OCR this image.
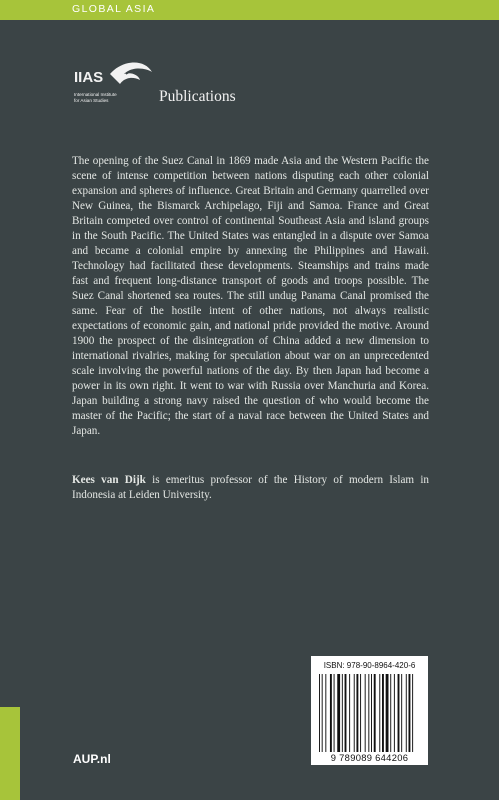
GLOBAL ASIA
IIAS
International Institute
for Asian Studies	Publications

The opening of the Suez Canal in 1869 made Asia and the Western Pacific the scene of intense competition between nations disputing each other colonial expansion and spheres of influence. Great Britain and Germany quarrelled over New Guinea, the Bismarck Archipelago, Fiji and Samoa. France and Great Britain competed over control of continental Southeast Asia and island groups in the South Pacific. The United States was entangled in a dispute over Samoa and became a colonial empire by annexing the Philippines and Hawaii. Technology had facilitated these developments. Steamships and trains made fast and frequent long-distance transport of goods and troops possible. The Suez Canal shortened sea routes. The still undug Panama Canal promised the same. Fear of the hostile intent of other nations, not always realistic expectations of economic gain, and national pride provided the motive. Around 1900 the prospect of the disintegration of China added a new dimension to international rivalries, making for speculation about war on an unprecedented scale involving the powerful nations of the day. By then Japan had become a power in its own right. It went to war with Russia over Manchuria and Korea. Japan building a strong navy raised the question of who would become the master of the Pacific; the start of a naval race between the United States and Japan.

Kees van Dijk is emeritus professor of the History of modern Islam in Indonesia at Leiden University.

AUP.nl
ISBN: 978-90-8964-420-6
9 789089 644206
